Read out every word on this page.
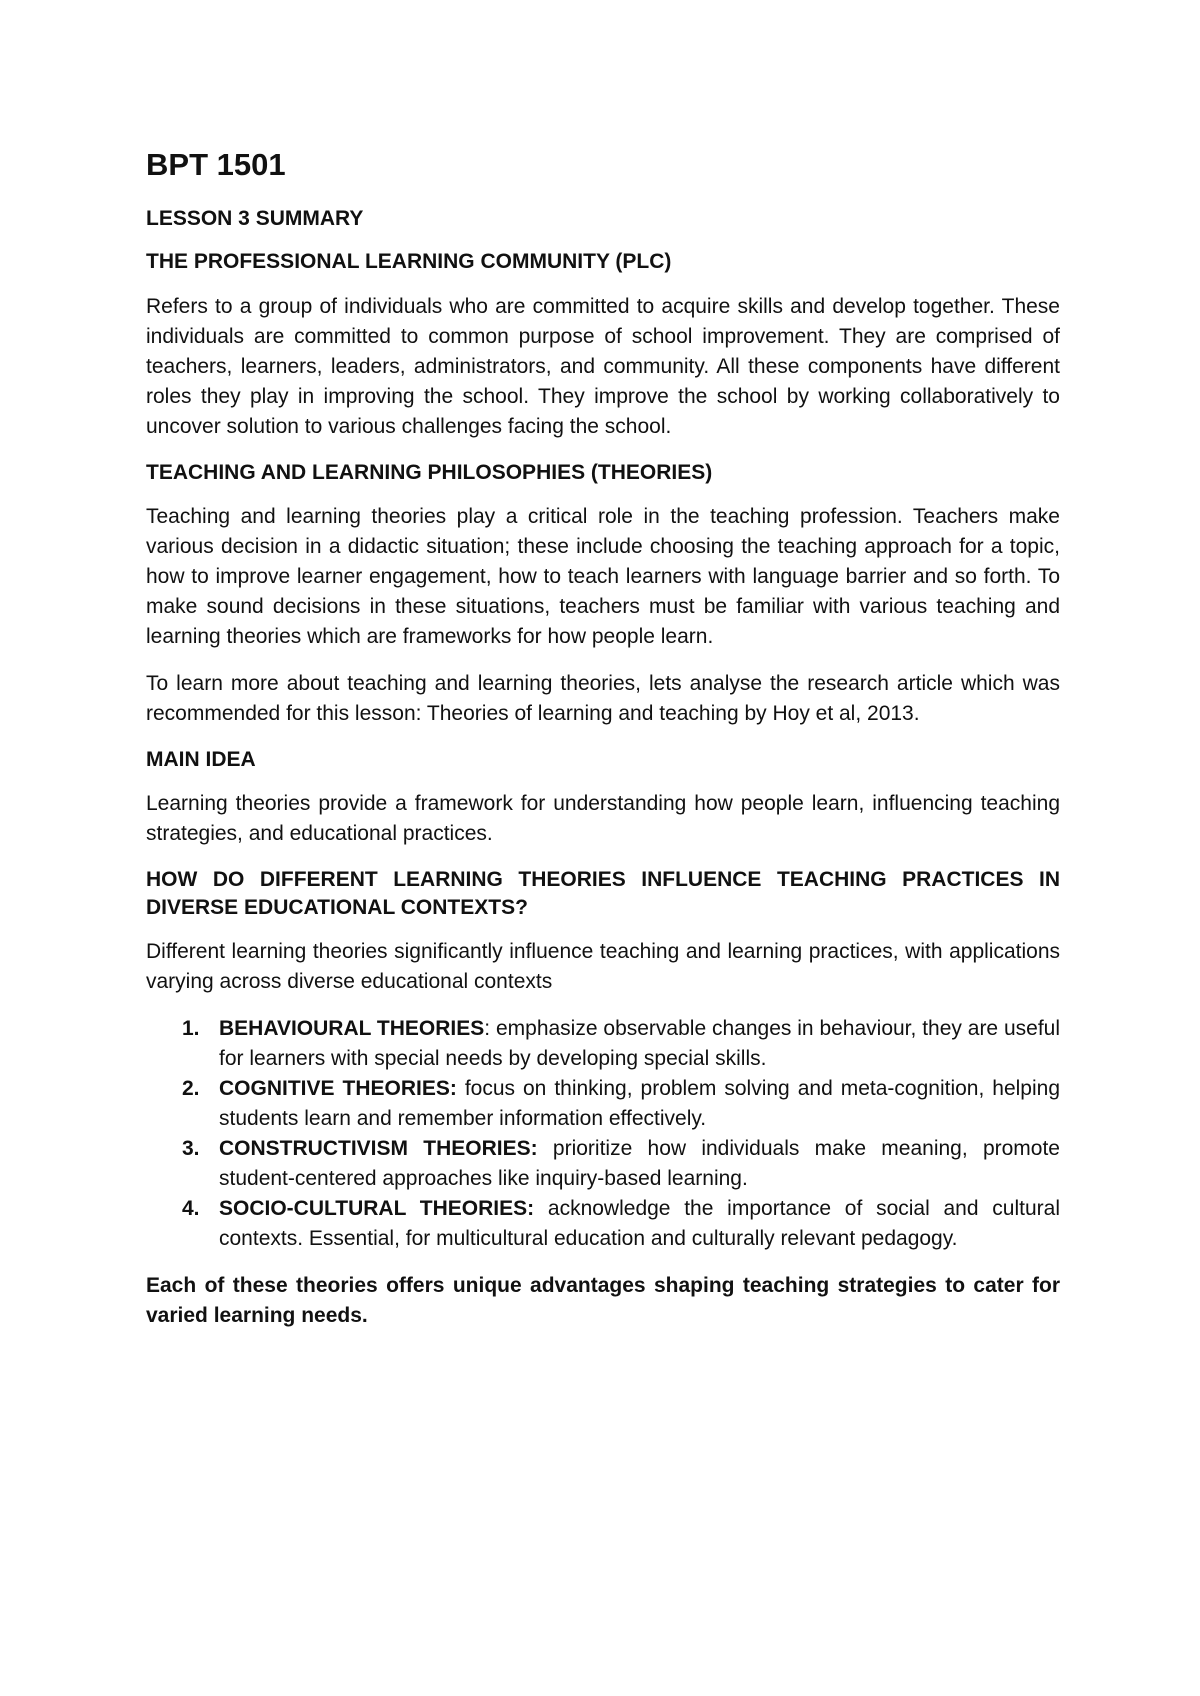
BPT 1501
LESSON 3 SUMMARY
THE PROFESSIONAL LEARNING COMMUNITY (PLC)

Refers to a group of individuals who are committed to acquire skills and develop together. These individuals are committed to common purpose of school improvement. They are comprised of teachers, learners, leaders, administrators, and community. All these components have different roles they play in improving the school. They improve the school by working collaboratively to uncover solution to various challenges facing the school.

TEACHING AND LEARNING PHILOSOPHIES (THEORIES)

Teaching and learning theories play a critical role in the teaching profession. Teachers make various decision in a didactic situation; these include choosing the teaching approach for a topic, how to improve learner engagement, how to teach learners with language barrier and so forth. To make sound decisions in these situations, teachers must be familiar with various teaching and learning theories which are frameworks for how people learn.

To learn more about teaching and learning theories, lets analyse the research article which was recommended for this lesson: Theories of learning and teaching by Hoy et al, 2013.

MAIN IDEA

Learning theories provide a framework for understanding how people learn, influencing teaching strategies, and educational practices.

HOW DO DIFFERENT LEARNING THEORIES INFLUENCE TEACHING PRACTICES IN DIVERSE EDUCATIONAL CONTEXTS?

Different learning theories significantly influence teaching and learning practices, with applications varying across diverse educational contexts

1. BEHAVIOURAL THEORIES: emphasize observable changes in behaviour, they are useful for learners with special needs by developing special skills.
2. COGNITIVE THEORIES: focus on thinking, problem solving and meta-cognition, helping students learn and remember information effectively.
3. CONSTRUCTIVISM THEORIES: prioritize how individuals make meaning, promote student-centered approaches like inquiry-based learning.
4. SOCIO-CULTURAL THEORIES: acknowledge the importance of social and cultural contexts. Essential, for multicultural education and culturally relevant pedagogy.

Each of these theories offers unique advantages shaping teaching strategies to cater for varied learning needs.
